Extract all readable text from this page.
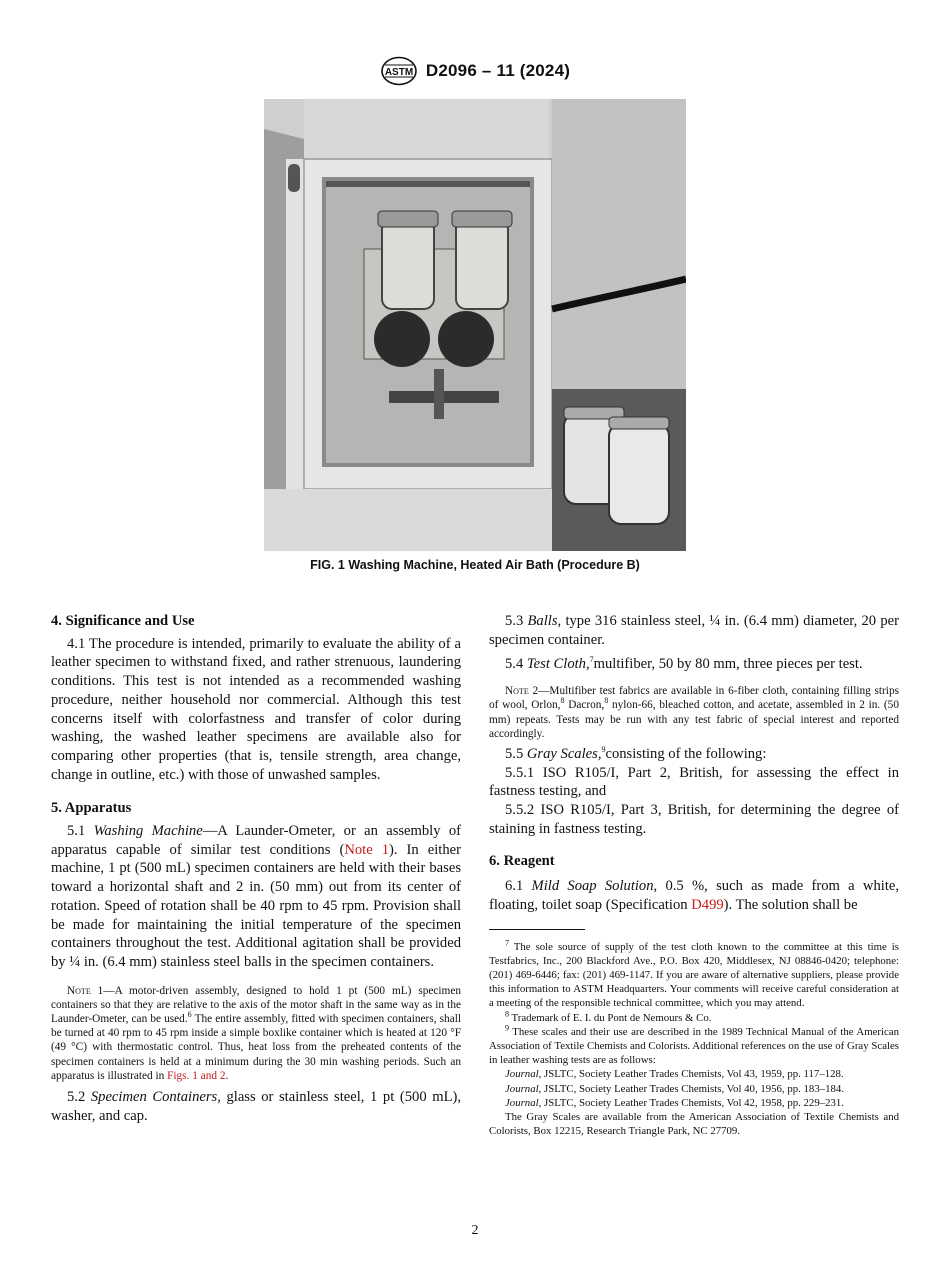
ASTM D2096 – 11 (2024)
FIG. 1 Washing Machine, Heated Air Bath (Procedure B)
4. Significance and Use

4.1 The procedure is intended, primarily to evaluate the ability of a leather specimen to withstand fixed, and rather strenuous, laundering conditions. This test is not intended as a recommended washing procedure, neither household nor commercial. Although this test concerns itself with colorfastness and transfer of color during washing, the washed leather specimens are available also for comparing other properties (that is, tensile strength, area change, change in outline, etc.) with those of unwashed samples.

5. Apparatus

5.1 Washing Machine—A Launder-Ometer, or an assembly of apparatus capable of similar test conditions (Note 1). In either machine, 1 pt (500 mL) specimen containers are held with their bases toward a horizontal shaft and 2 in. (50 mm) out from its center of rotation. Speed of rotation shall be 40 rpm to 45 rpm. Provision shall be made for maintaining the initial temperature of the specimen containers throughout the test. Additional agitation shall be provided by ¼ in. (6.4 mm) stainless steel balls in the specimen containers.

Note 1—A motor-driven assembly, designed to hold 1 pt (500 mL) specimen containers so that they are relative to the axis of the motor shaft in the same way as in the Launder-Ometer, can be used.$^6$ The entire assembly, fitted with specimen containers, shall be turned at 40 rpm to 45 rpm inside a simple boxlike container which is heated at 120 °F (49 °C) with thermostatic control. Thus, heat loss from the preheated contents of the specimen containers is held at a minimum during the 30 min washing periods. Such an apparatus is illustrated in Figs. 1 and 2.

5.2 Specimen Containers, glass or stainless steel, 1 pt (500 mL), washer, and cap.

5.3 Balls, type 316 stainless steel, ¼ in. (6.4 mm) diameter, 20 per specimen container.

5.4 Test Cloth,$^7$multifiber, 50 by 80 mm, three pieces per test.

Note 2—Multifiber test fabrics are available in 6-fiber cloth, containing filling strips of wool, Orlon,$^8$ Dacron,$^8$ nylon-66, bleached cotton, and acetate, assembled in 2 in. (50 mm) repeats. Tests may be run with any test fabric of special interest and reported accordingly.

5.5 Gray Scales,$^9$consisting of the following:

5.5.1 ISO R105/I, Part 2, British, for assessing the effect in fastness testing, and

5.5.2 ISO R105/I, Part 3, British, for determining the degree of staining in fastness testing.

6. Reagent

6.1 Mild Soap Solution, 0.5 %, such as made from a white, floating, toilet soap (Specification D499). The solution shall be

$^7$ The sole source of supply of the test cloth known to the committee at this time is Testfabrics, Inc., 200 Blackford Ave., P.O. Box 420, Middlesex, NJ 08846-0420; telephone: (201) 469-6446; fax: (201) 469-1147. If you are aware of alternative suppliers, please provide this information to ASTM Headquarters. Your comments will receive careful consideration at a meeting of the responsible technical committee, which you may attend.

$^8$ Trademark of E. I. du Pont de Nemours & Co.

$^9$ These scales and their use are described in the 1989 Technical Manual of the American Association of Textile Chemists and Colorists. Additional references on the use of Gray Scales in leather washing tests are as follows:

Journal, JSLTC, Society Leather Trades Chemists, Vol 43, 1959, pp. 117–128.

Journal, JSLTC, Society Leather Trades Chemists, Vol 40, 1956, pp. 183–184.

Journal, JSLTC, Society Leather Trades Chemists, Vol 42, 1958, pp. 229–231.

The Gray Scales are available from the American Association of Textile Chemists and Colorists, Box 12215, Research Triangle Park, NC 27709.

2
